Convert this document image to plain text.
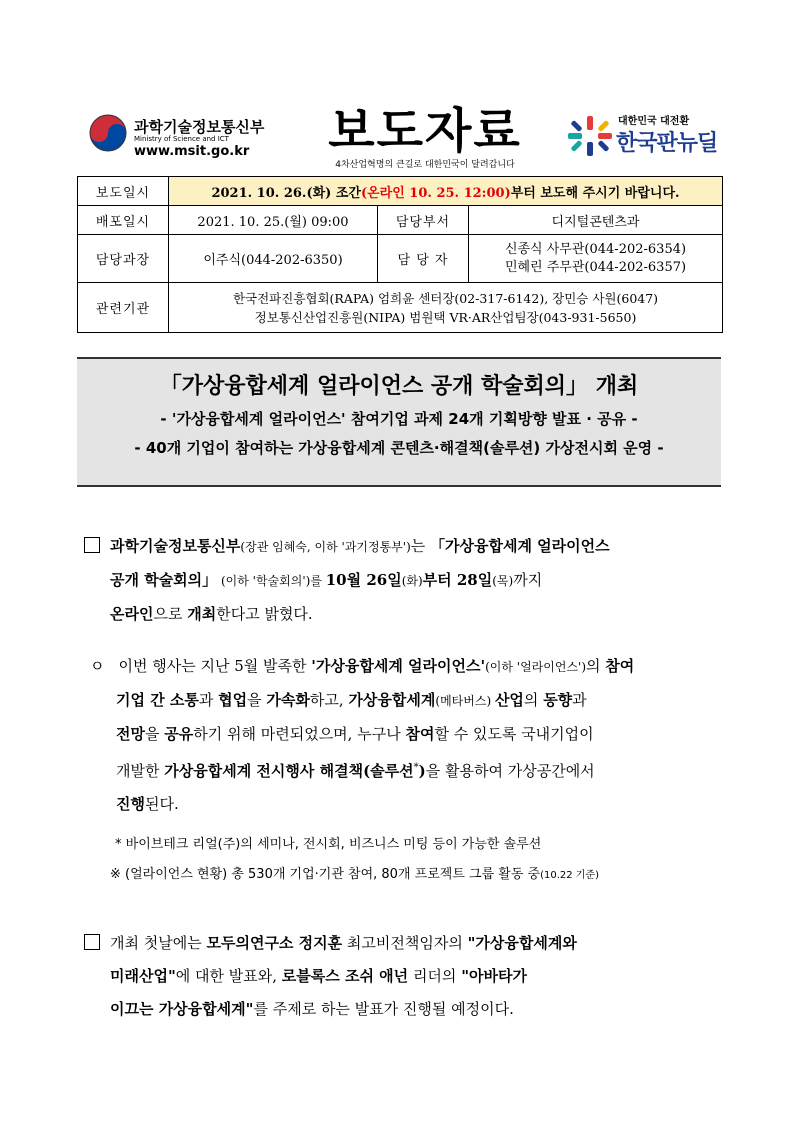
과학기술정보통신부
Ministry of Science and ICT
www.msit.go.kr 보도자료
4차산업혁명의 큰길로 대한민국이 달려갑니다
대한민국 대전환
한국판뉴딜
보도일시	2021. 10. 26.(화) 조간(온라인 10. 25. 12:00)부터 보도해 주시기 바랍니다.		
배포일시	2021. 10. 25.(월) 09:00	담당부서	디지털콘텐츠과
담당과장	이주식(044-202-6350)	담 당 자	신종식 사무관(044-202-6354)
민혜린 주무관(044-202-6357)

관련기관	한국전파진흥협회(RAPA) 엄희윤 센터장(02-317-6142), 장민승 사원(6047)
정보통신산업진흥원(NIPA) 범원택 VR·AR산업팀장(043-931-5650)		
「가상융합세계 얼라이언스 공개 학술회의」 개최
- '가상융합세계 얼라이언스' 참여기업 과제 24개 기획방향 발표 · 공유 -
- 40개 기업이 참여하는 가상융합세계 콘텐츠·해결책(솔루션) 가상전시회 운영 -
과학기술정보통신부(장관 임혜숙, 이하 '과기정통부')는 「가상융합세계 얼라이언스
공개 학술회의」 (이하 '학술회의')를 10월 26일(화)부터 28일(목)까지
온라인으로 개최한다고 밝혔다.
ㅇ 이번 행사는 지난 5월 발족한 '가상융합세계 얼라이언스'(이하 '얼라이언스')의 참여
기업 간 소통과 협업을 가속화하고, 가상융합세계(메타버스) 산업의 동향과
전망을 공유하기 위해 마련되었으며, 누구나 참여할 수 있도록 국내기업이
개발한 가상융합세계 전시행사 해결책(솔루션*)을 활용하여 가상공간에서
진행된다.
* 바이브테크 리얼(주)의 세미나, 전시회, 비즈니스 미팅 등이 가능한 솔루션
※ (얼라이언스 현황) 총 530개 기업·기관 참여, 80개 프로젝트 그룹 활동 중(10.22 기준)
개최 첫날에는 모두의연구소 정지훈 최고비전책임자의 "가상융합세계와
미래산업"에 대한 발표와, 로블록스 조쉬 애넌 리더의 "아바타가
이끄는 가상융합세계"를 주제로 하는 발표가 진행될 예정이다.
